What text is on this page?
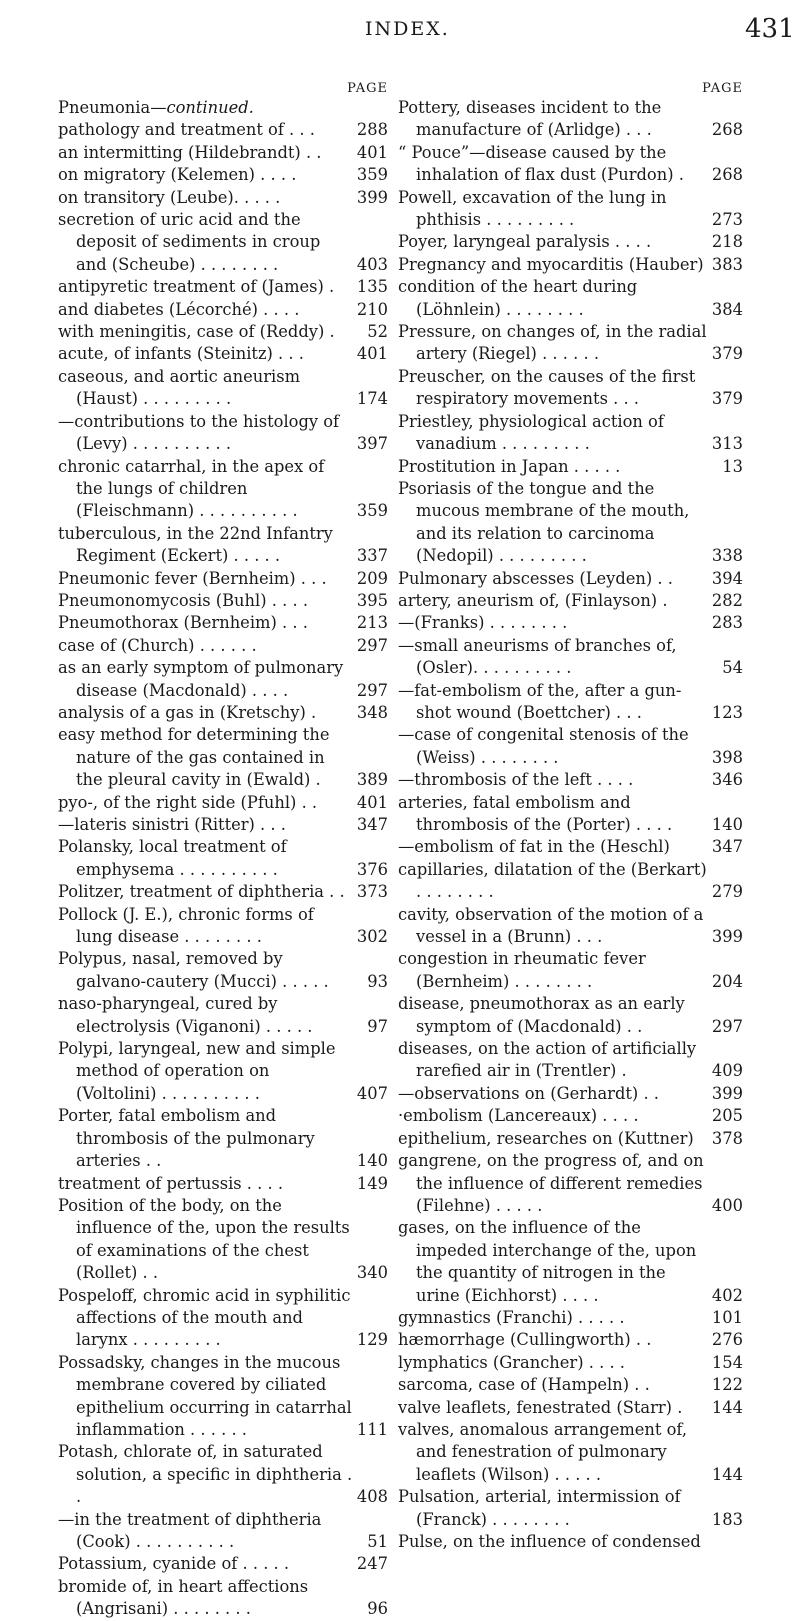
INDEX.	431
PAGE
Pneumonia—continued.
pathology and treatment of . . .	288
an intermitting (Hildebrandt) . . 401
on migratory (Kelemen) . . . .	359
on transitory (Leube). . . . .	399
secretion of uric acid and the deposit of sediments in croup and (Scheube) . . . . . . . .	403
antipyretic treatment of (James) . 135
and diabetes (Lécorché) . . . .	210
with meningitis, case of (Reddy) . 52
acute, of infants (Steinitz) . . .	401
caseous, and aortic aneurism (Haust) . . . . . . . . .	174
—contributions to the histology of (Levy) . . . . . . . . . .	397
chronic catarrhal, in the apex of the lungs of children (Fleischmann) . . . . . . . . . .	359
tuberculous, in the 22nd Infantry Regiment (Eckert) . . . . .	337
Pneumonic fever (Bernheim) . . . 209
Pneumonomycosis (Buhl) . . . .	395
Pneumothorax (Bernheim) . . .	213
case of (Church) . . . . . .	297
as an early symptom of pulmonary disease (Macdonald) . . . .	297
analysis of a gas in (Kretschy) .	348
easy method for determining the nature of the gas contained in the pleural cavity in (Ewald) . 389
pyo-, of the right side (Pfuhl) . . 401
—lateris sinistri (Ritter) . . .	347
Polansky, local treatment of emphysema . . . . . . . . . .	376
Politzer, treatment of diphtheria . . 373
Pollock (J. E.), chronic forms of lung disease . . . . . . . .	302
Polypus, nasal, removed by galvano-cautery (Mucci) . . . . . 93
naso-pharyngeal, cured by electrolysis (Viganoni) . . . . .	97
Polypi, laryngeal, new and simple method of operation on (Voltolini) . . . . . . . . . .	407
Porter, fatal embolism and thrombosis of the pulmonary arteries . .	140
treatment of pertussis . . . .	149
Position of the body, on the influence of the, upon the results of examinations of the chest (Rollet) . .	340
Pospeloff, chromic acid in syphilitic affections of the mouth and larynx . . . . . . . . .	129
Possadsky, changes in the mucous membrane covered by ciliated epithelium occurring in catarrhal inflammation . . . . . .	111
Potash, chlorate of, in saturated solution, a specific in diphtheria . .	408
—in the treatment of diphtheria (Cook) . . . . . . . . . .	51
Potassium, cyanide of . . . . .	247
bromide of, in heart affections (Angrisani) . . . . . . . .	96
PAGE
Pottery, diseases incident to the manufacture of (Arlidge) . . .	268
“ Pouce”—disease caused by the inhalation of flax dust (Purdon) . 268
Powell, excavation of the lung in phthisis . . . . . . . . .	273
Poyer, laryngeal paralysis . . . .	218
Pregnancy and myocarditis (Hauber) 383
condition of the heart during (Löhnlein) . . . . . . . .	384
Pressure, on changes of, in the radial artery (Riegel) . . . . . .	379
Preuscher, on the causes of the first respiratory movements . . .	379
Priestley, physiological action of vanadium . . . . . . . . .	313
Prostitution in Japan . . . . .	13
Psoriasis of the tongue and the mucous membrane of the mouth, and its relation to carcinoma (Nedopil) . . . . . . . . .	338
Pulmonary abscesses (Leyden) . . 394
artery, aneurism of, (Finlayson) .	282
—(Franks) . . . . . . . .	283
—small aneurisms of branches of, (Osler). . . . . . . . . .	54
—fat-embolism of the, after a gun-shot wound (Boettcher) . . .	123
—case of congenital stenosis of the (Weiss) . . . . . . . .	398
—thrombosis of the left . . . .	346
arteries, fatal embolism and thrombosis of the (Porter) . . . . 140
—embolism of fat in the (Heschl)	347
capillaries, dilatation of the (Berkart) . . . . . . . .	279
cavity, observation of the motion of a vessel in a (Brunn) . . .	399
congestion in rheumatic fever (Bernheim) . . . . . . . .	204
disease, pneumothorax as an early symptom of (Macdonald) . .	297
diseases, on the action of artificially rarefied air in (Trentler) .	409
—observations on (Gerhardt) . .	399
·embolism (Lancereaux) . . . .	205
epithelium, researches on (Kuttner) 378
gangrene, on the progress of, and on the influence of different remedies (Filehne) . . . . .	400
gases, on the influence of the impeded interchange of the, upon the quantity of nitrogen in the urine (Eichhorst) . . . .	402
gymnastics (Franchi) . . . . .	101
hæmorrhage (Cullingworth) . .	276
lymphatics (Grancher) . . . .	154
sarcoma, case of (Hampeln) . .	122
valve leaflets, fenestrated (Starr) . 144
valves, anomalous arrangement of, and fenestration of pulmonary leaflets (Wilson) . . . . .	144
Pulsation, arterial, intermission of (Franck) . . . . . . . .	183
Pulse, on the influence of condensed
